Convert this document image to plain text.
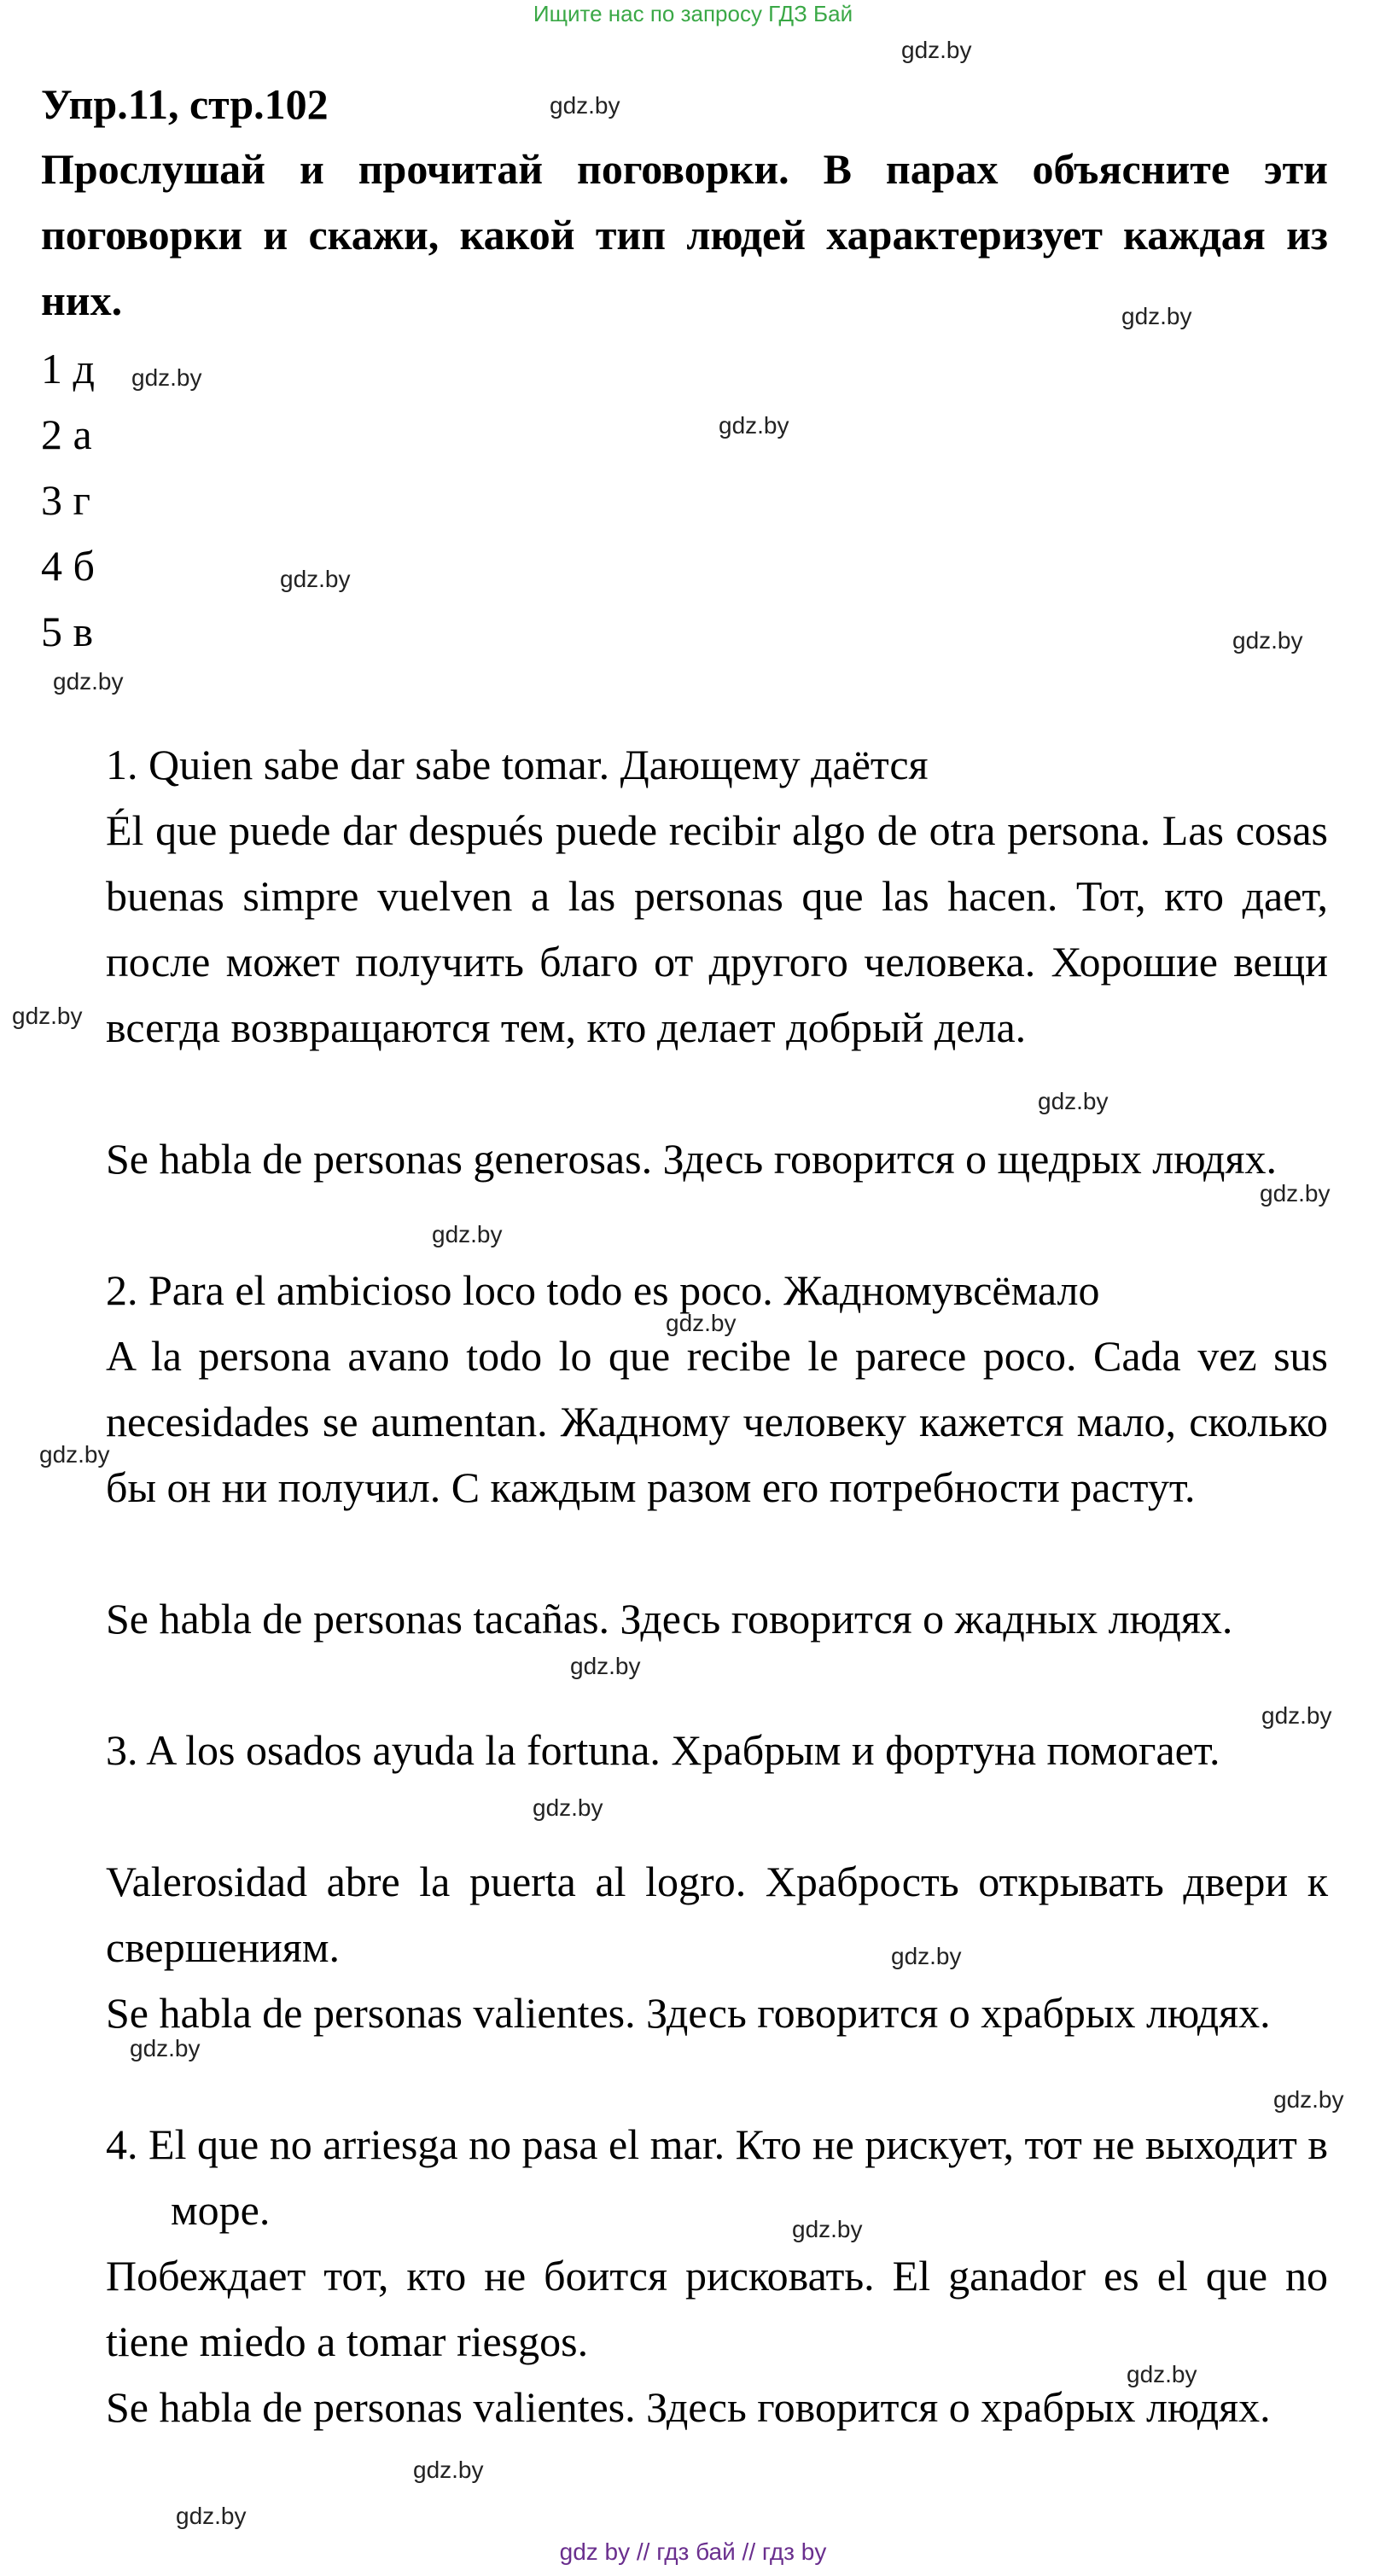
Ищите нас по запросу ГДЗ Бай
Упр.11, стр.102
Прослушай и прочитай поговорки. В парах объясните эти поговорки и скажи, какой тип людей характеризует каждая из них.
1 д
2 а
3 г
4 б
5 в
1. Quien sabe dar sabe tomar. Дающему даётся
Él que puede dar después puede recibir algo de otra persona. Las cosas buenas simpre vuelven a las personas que las hacen. Тот, кто дает, после может получить благо от другого человека. Хорошие вещи всегда возвращаются тем, кто делает добрый дела.
Se habla de personas generosas. Здесь говорится о щедрых людях.
2. Para el ambicioso loco todo es poco. Жадномувсёмало
A la persona avano todo lo que recibe le parece poco. Cada vez sus necesidades se aumentan. Жадному человеку кажется мало, сколько бы он ни получил. С каждым разом его потребности растут.
Se habla de personas tacañas. Здесь говорится о жадных людях.
3. A los osados ayuda la fortuna. Храбрым и фортуна помогает.
Valerosidad abre la puerta al logro. Храбрость открывать двери к свершениям.
Se habla de personas valientes. Здесь говорится о храбрых людях.
4. El que no arriesga no pasa el mar. Кто не рискует, тот не выходит в море.
Побеждает тот, кто не боится рисковать. El ganador es el que no tiene miedo a tomar riesgos.
Se habla de personas valientes. Здесь говорится о храбрых людях.
gdz.by
gdz.by
gdz.by
gdz.by
gdz.by
gdz.by
gdz.by
gdz.by
gdz.by
gdz.by
gdz.by
gdz.by
gdz.by
gdz.by
gdz.by
gdz.by
gdz.by
gdz.by
gdz.by
gdz.by
gdz.by
gdz.by
gdz.by
gdz.by
gdz by // гдз бай // гдз by
